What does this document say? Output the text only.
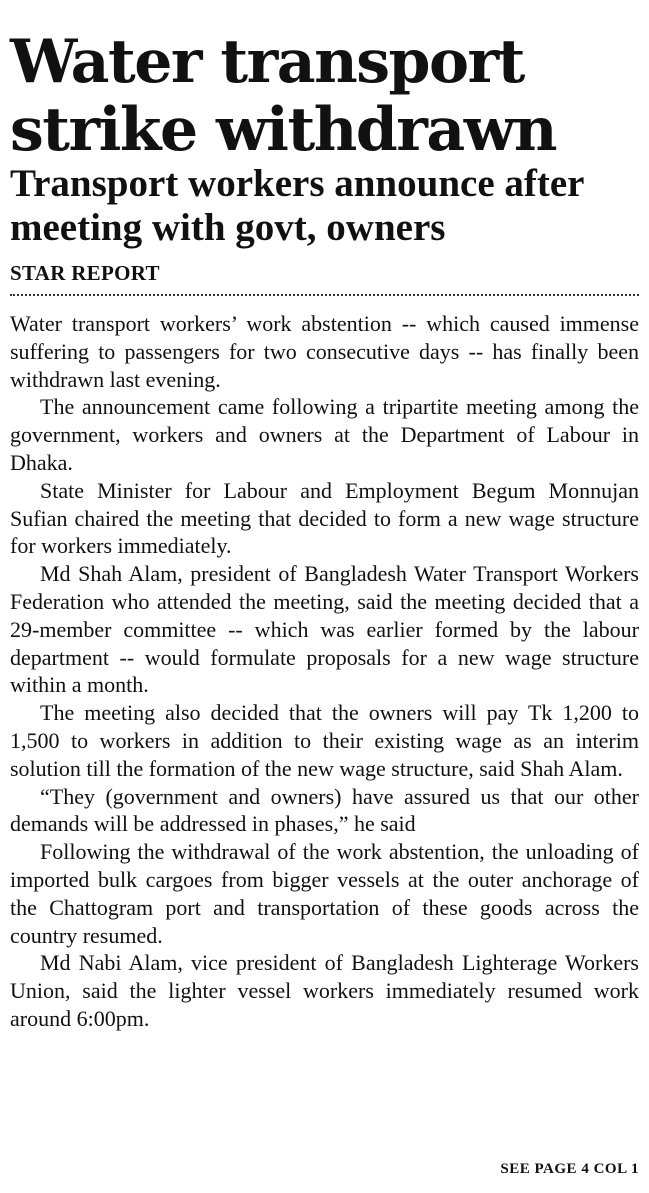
Water transport
strike withdrawn
Transport workers announce after
meeting with govt, owners
STAR REPORT

Water transport workers’ work abstention -- which caused immense suffering to passengers for two consecutive days -- has finally been withdrawn last evening.

The announcement came following a tripartite meeting among the government, workers and owners at the Department of Labour in Dhaka.

State Minister for Labour and Employment Begum Monnujan Sufian chaired the meeting that decided to form a new wage structure for workers immediately.

Md Shah Alam, president of Bangladesh Water Transport Workers Federation who attended the meeting, said the meeting decided that a 29-member committee -- which was earlier formed by the labour department -- would formulate proposals for a new wage structure within a month.

The meeting also decided that the owners will pay Tk 1,200 to 1,500 to workers in addition to their existing wage as an interim solution till the formation of the new wage structure, said Shah Alam.

“They (government and owners) have assured us that our other demands will be addressed in phases,” he said

Following the withdrawal of the work abstention, the unloading of imported bulk cargoes from bigger vessels at the outer anchorage of the Chattogram port and transportation of these goods across the country resumed.

Md Nabi Alam, vice president of Bangladesh Lighterage Workers Union, said the lighter vessel workers immediately resumed work around 6:00pm.

SEE PAGE 4 COL 1
